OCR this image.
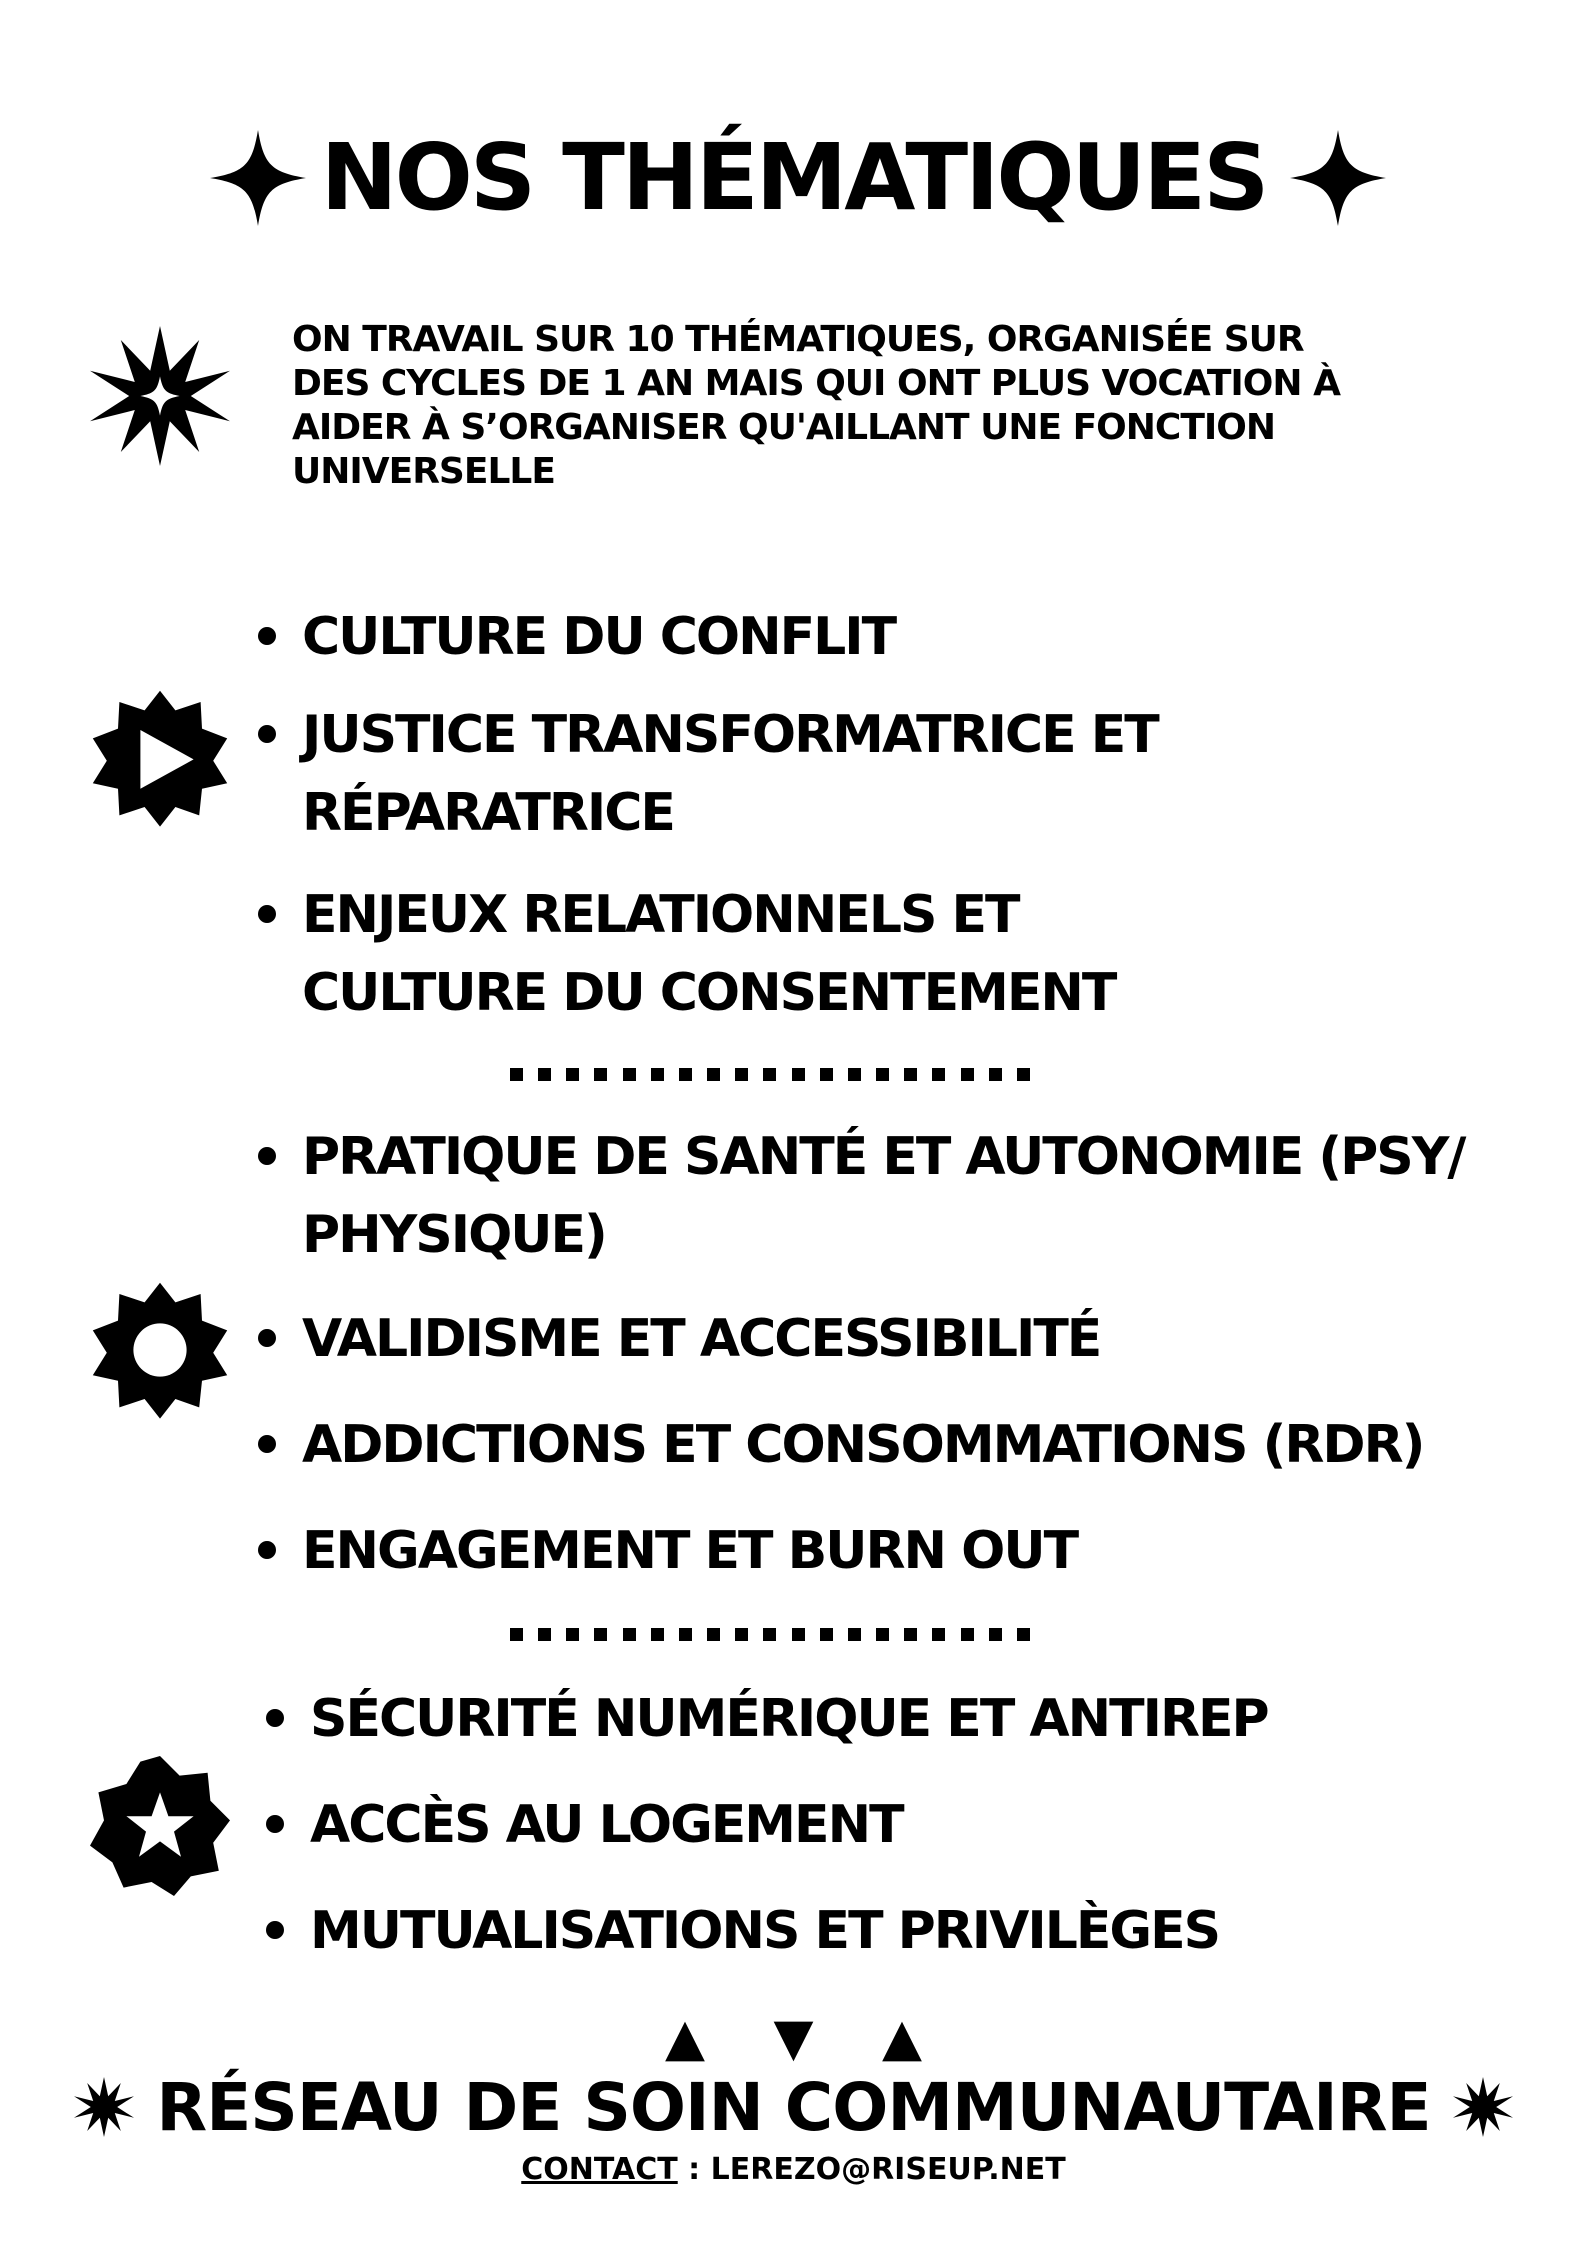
NOS THÉMATIQUES
ON TRAVAIL SUR 10 THÉMATIQUES, ORGANISÉE SUR
DES CYCLES DE 1 AN MAIS QUI ONT PLUS VOCATION À
AIDER À S’ORGANISER QU'AILLANT UNE FONCTION
UNIVERSELLE
CULTURE DU CONFLIT
JUSTICE TRANSFORMATRICE ET
RÉPARATRICE
ENJEUX RELATIONNELS ET
CULTURE DU CONSENTEMENT
PRATIQUE DE SANTÉ ET AUTONOMIE (PSY/
PHYSIQUE)
VALIDISME ET ACCESSIBILITÉ
ADDICTIONS ET CONSOMMATIONS (RDR)
ENGAGEMENT ET BURN OUT
SÉCURITÉ NUMÉRIQUE ET ANTIREP
ACCÈS AU LOGEMENT
MUTUALISATIONS ET PRIVILÈGES
▲ ▼ ▲
RÉSEAU DE SOIN COMMUNAUTAIRE
CONTACT : LEREZO@RISEUP.NET
